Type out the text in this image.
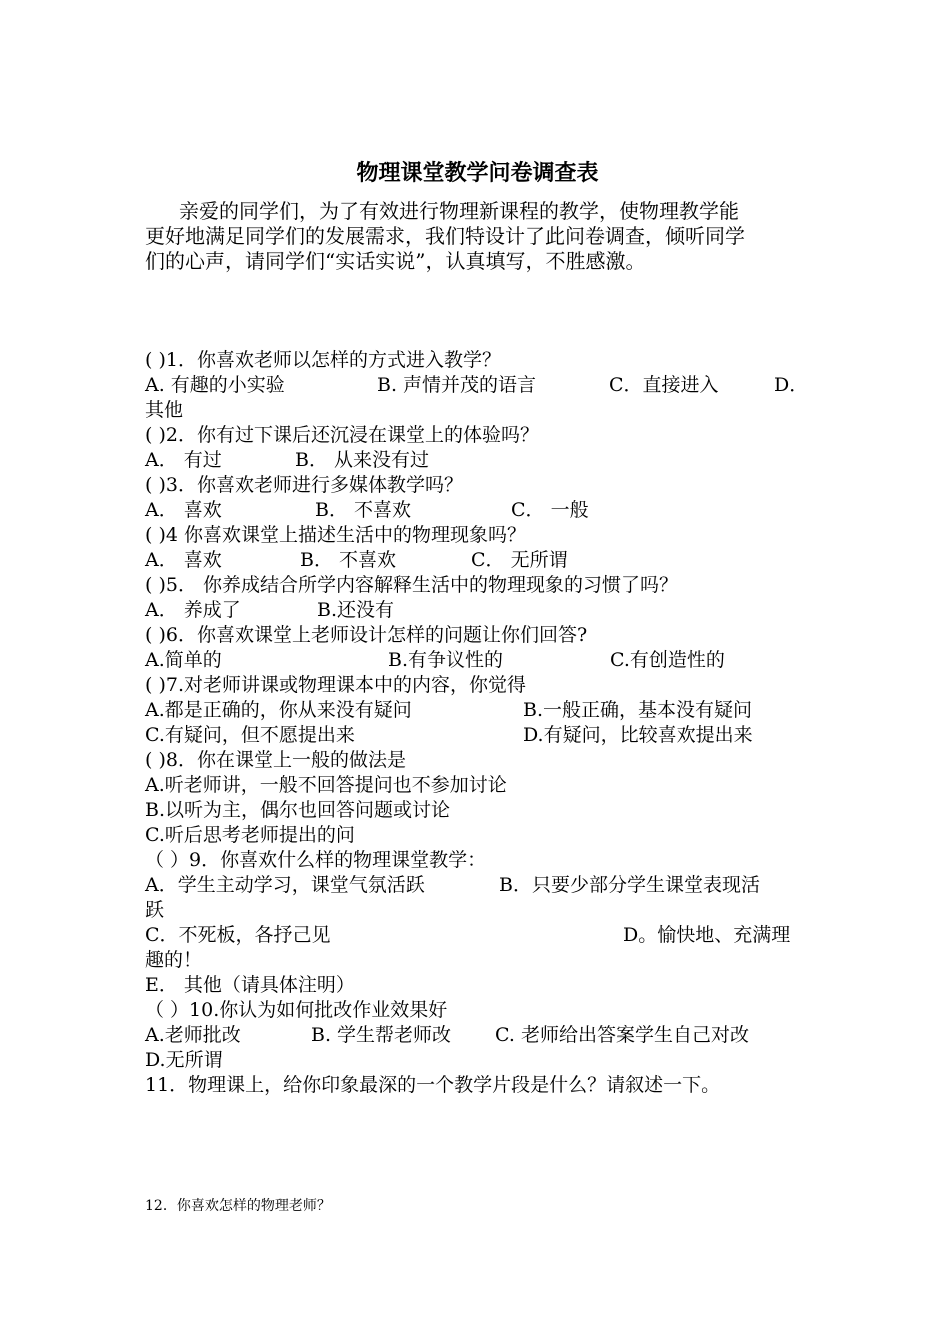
物理课堂教学问卷调查表
亲爱的同学们，为了有效进行物理新课程的教学，使物理教学能
更好地满足同学们的发展需求，我们特设计了此问卷调查，倾听同学
们的心声，请同学们“实话实说”，认真填写，不胜感激。
( )1．你喜欢老师以怎样的方式进入教学？
A. 有趣的小实验	B. 声情并茂的语言	C．直接进入	D．
其他
( )2．你有过下课后还沉浸在课堂上的体验吗？
A． 有过	B． 从来没有过
( )3．你喜欢老师进行多媒体教学吗？
A． 喜欢	B． 不喜欢	C． 一般
( )4 你喜欢课堂上描述生活中的物理现象吗？
A． 喜欢	B． 不喜欢	C． 无所谓
( )5． 你养成结合所学内容解释生活中的物理现象的习惯了吗？
A． 养成了	B.还没有
( )6．你喜欢课堂上老师设计怎样的问题让你们回答?
A.简单的	B.有争议性的	C.有创造性的
( )7.对老师讲课或物理课本中的内容，你觉得
A.都是正确的，你从来没有疑问	B.一般正确，基本没有疑问
C.有疑问，但不愿提出来	D.有疑问，比较喜欢提出来
( )8．你在课堂上一般的做法是
A.听老师讲，一般不回答提问也不参加讨论
B.以听为主，偶尔也回答问题或讨论
C.听后思考老师提出的问
（ ）9．你喜欢什么样的物理课堂教学：
A．学生主动学习，课堂气氛活跃	B．只要少部分学生课堂表现活
跃
C．不死板，各抒己见	D。愉快地、充满理
趣的！
E． 其他（请具体注明）
（ ）10.你认为如何批改作业效果好
A.老师批改	B. 学生帮老师改 C. 老师给出答案学生自己对改
D.无所谓
11．物理课上，给你印象最深的一个教学片段是什么？请叙述一下。
12．你喜欢怎样的物理老师？
